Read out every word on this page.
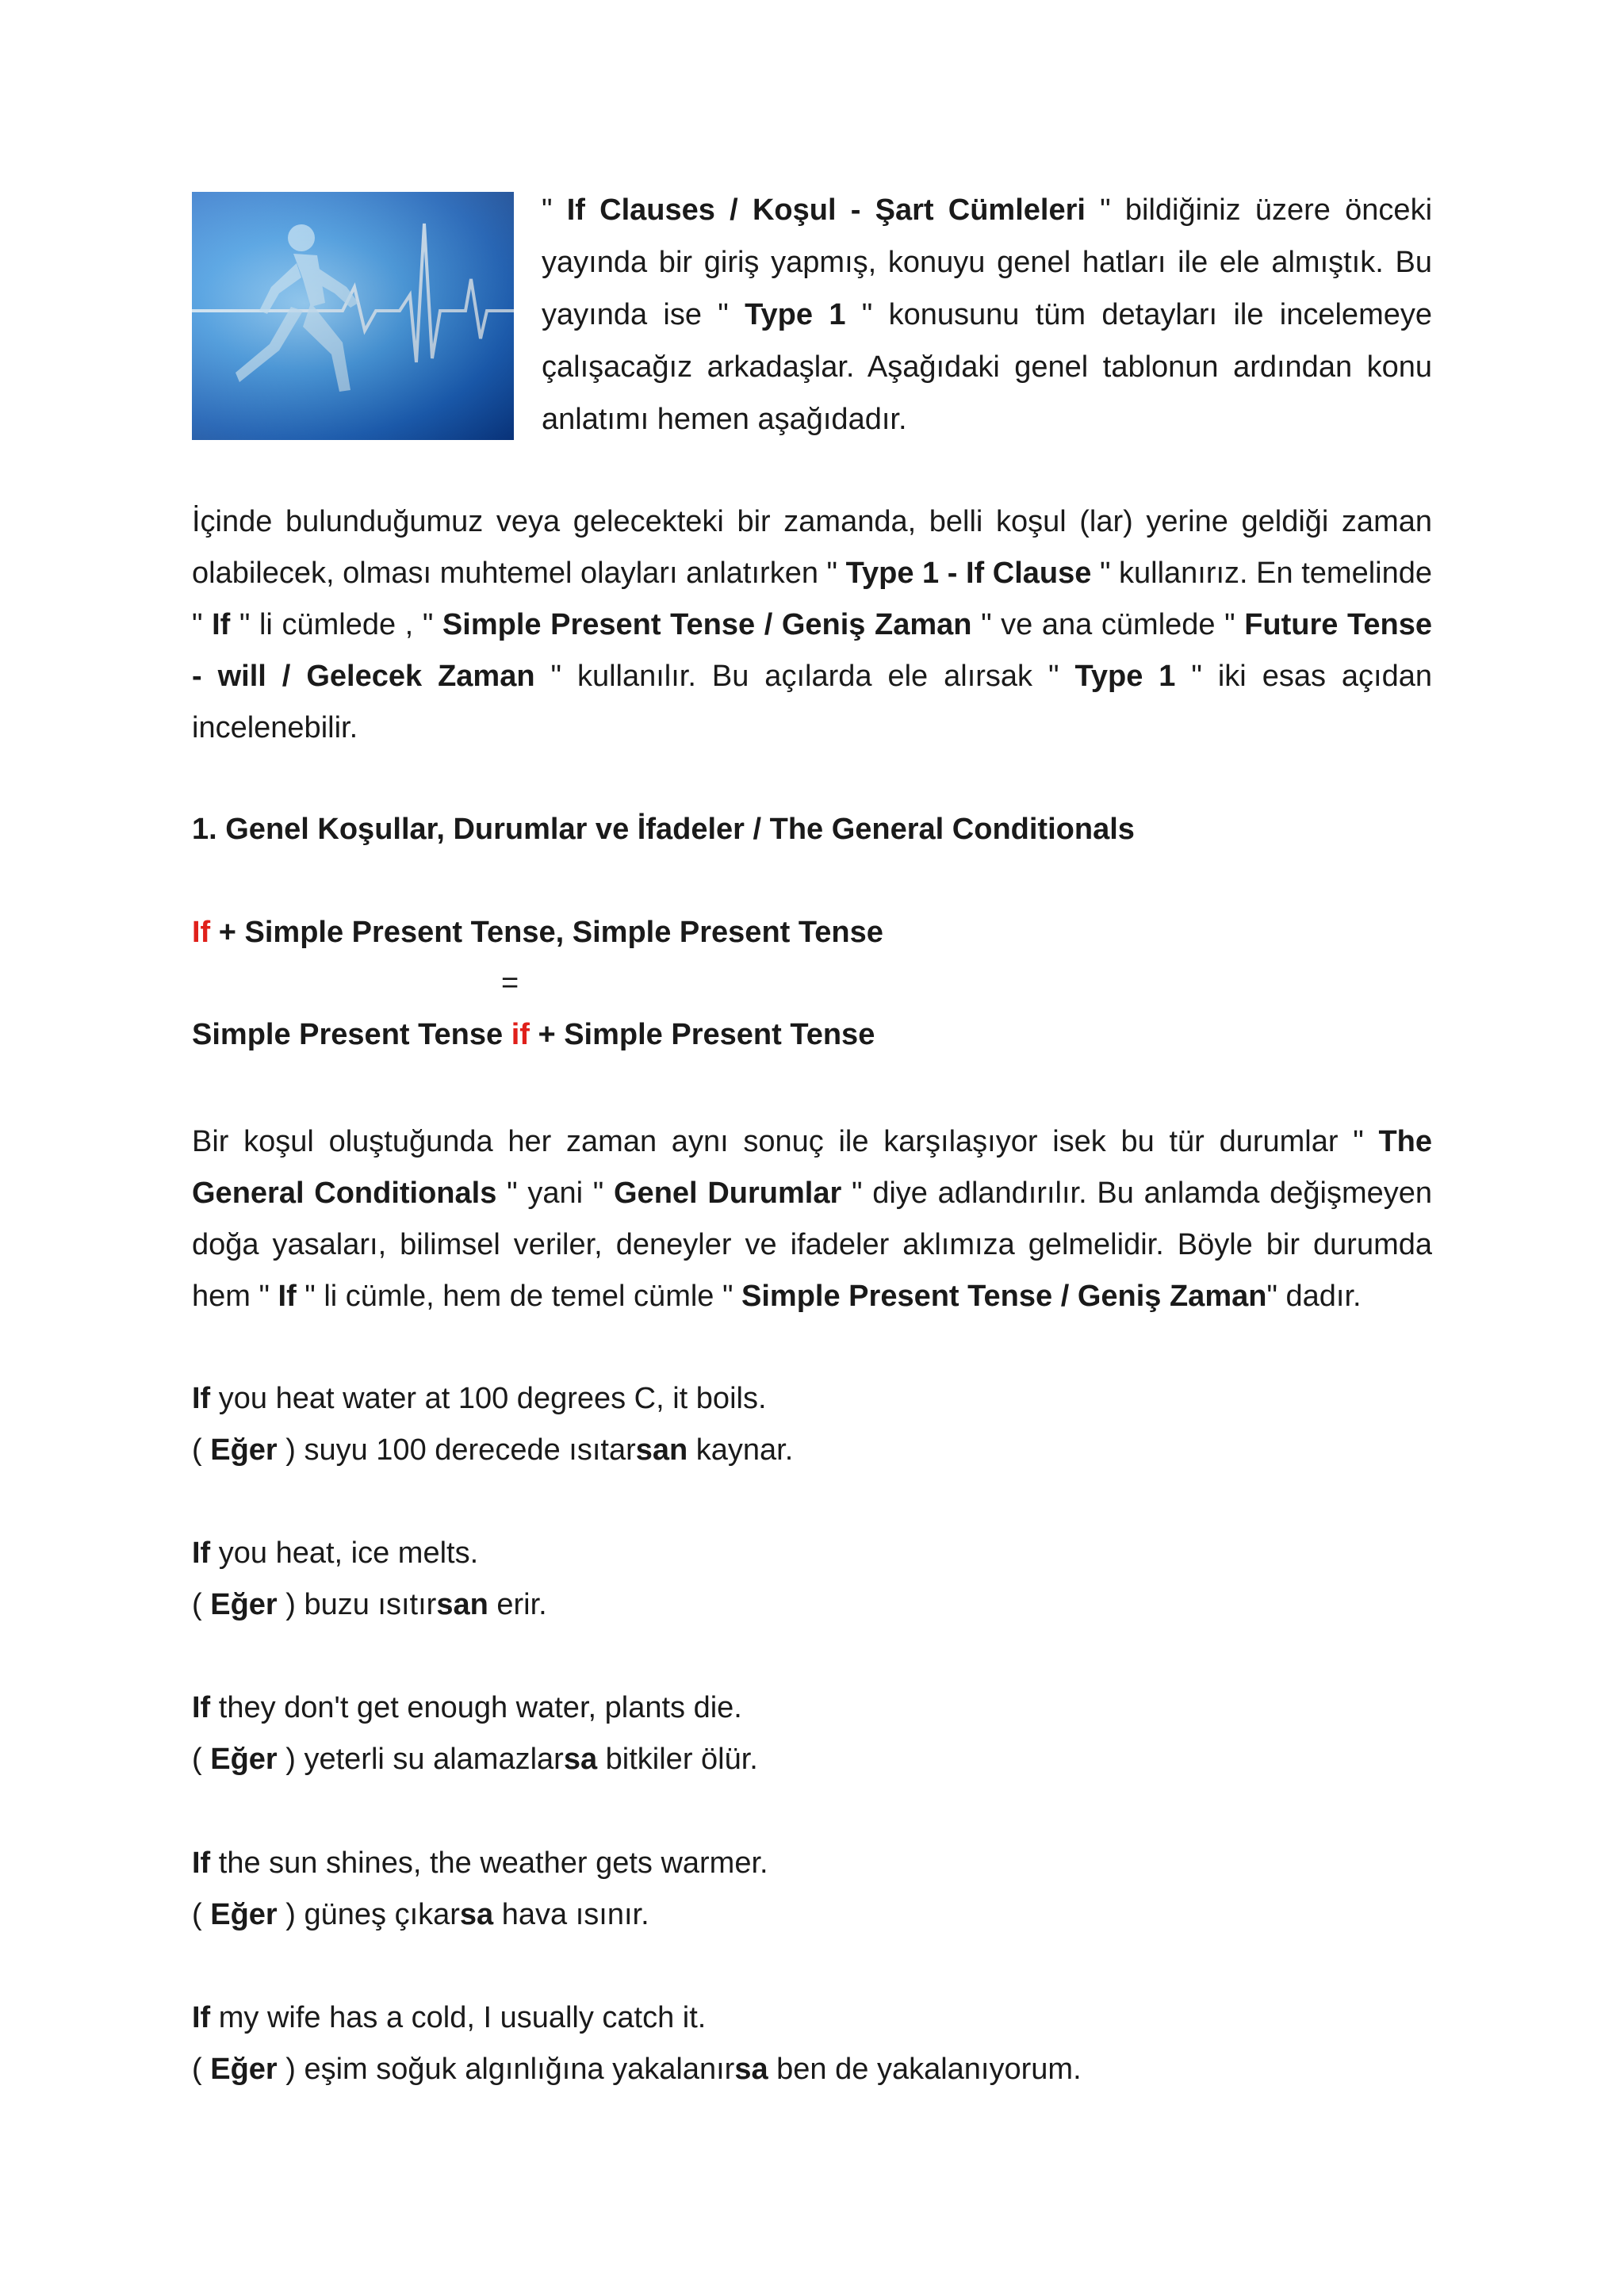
" If Clauses / Koşul - Şart Cümleleri " bildiğiniz üzere önceki yayında bir giriş yapmış, konuyu genel hatları ile ele almıştık. Bu yayında ise " Type 1 " konusunu tüm detayları ile incelemeye çalışacağız arkadaşlar. Aşağıdaki genel tablonun ardından konu anlatımı hemen aşağıdadır.
İçinde bulunduğumuz veya gelecekteki bir zamanda, belli koşul (lar) yerine geldiği zaman olabilecek, olması muhtemel olayları anlatırken " Type 1 - If Clause " kullanırız. En temelinde " If " li cümlede , " Simple Present Tense / Geniş Zaman " ve ana cümlede " Future Tense - will / Gelecek Zaman " kullanılır. Bu açılarda ele alırsak " Type 1 " iki esas açıdan incelenebilir.
1. Genel Koşullar, Durumlar ve İfadeler / The General Conditionals
If + Simple Present Tense, Simple Present Tense
=
Simple Present Tense if + Simple Present Tense
Bir koşul oluştuğunda her zaman aynı sonuç ile karşılaşıyor isek bu tür durumlar " The General Conditionals " yani " Genel Durumlar " diye adlandırılır. Bu anlamda değişmeyen doğa yasaları, bilimsel veriler, deneyler ve ifadeler aklımıza gelmelidir. Böyle bir durumda hem " If " li cümle, hem de temel cümle " Simple Present Tense / Geniş Zaman" dadır.
If you heat water at 100 degrees C, it boils.
( Eğer ) suyu 100 derecede ısıtarsan kaynar.
If you heat, ice melts.
( Eğer ) buzu ısıtırsan erir.
If they don't get enough water, plants die.
( Eğer ) yeterli su alamazlarsa bitkiler ölür.
If the sun shines, the weather gets warmer.
( Eğer ) güneş çıkarsa hava ısınır.
If my wife has a cold, I usually catch it.
( Eğer ) eşim soğuk algınlığına yakalanırsa ben de yakalanıyorum.
